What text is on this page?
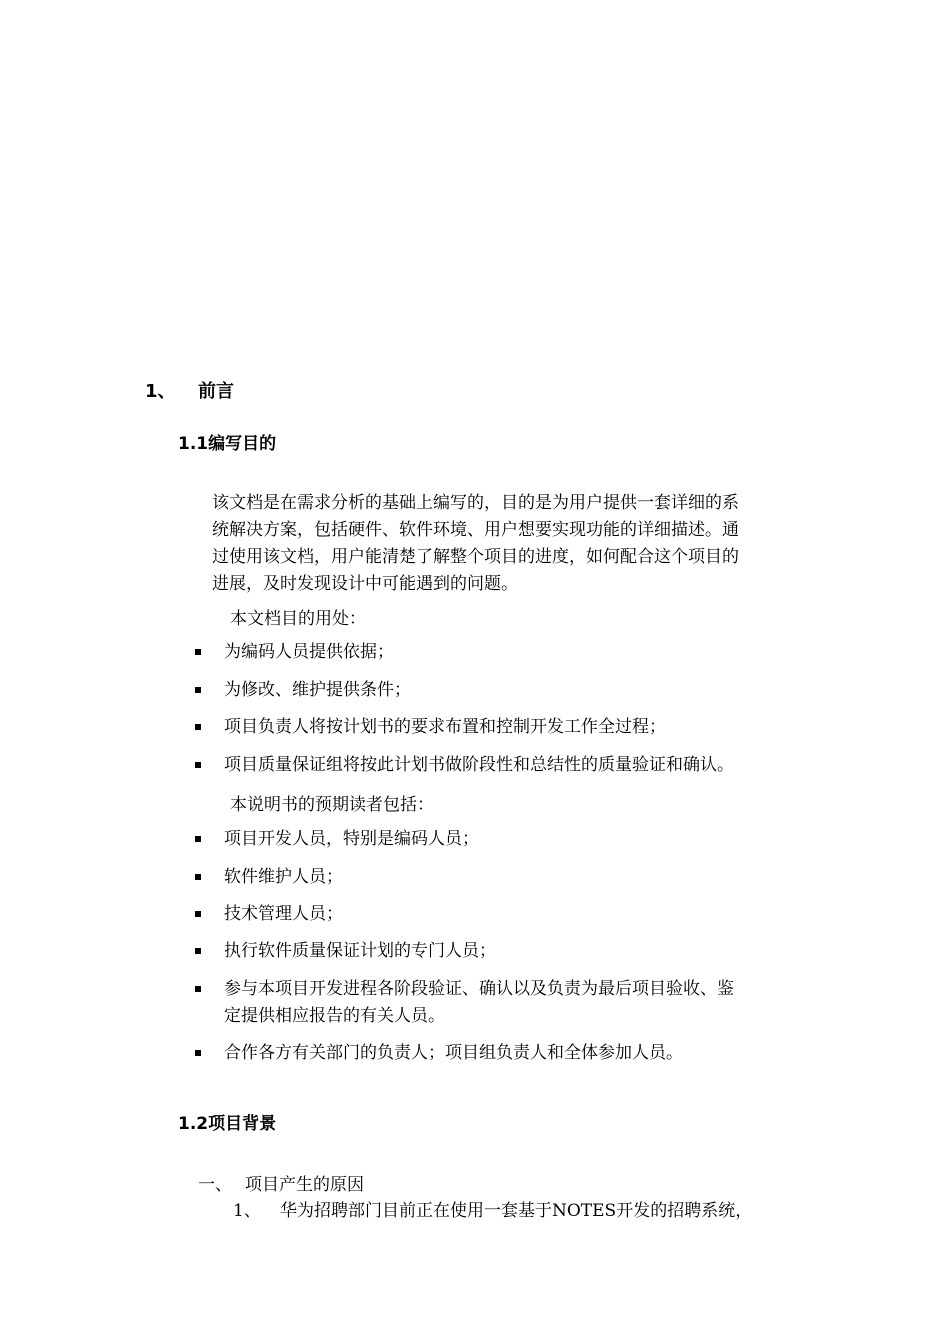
1、 前言
1.1编写目的
该文档是在需求分析的基础上编写的，目的是为用户提供一套详细的系
统解决方案，包括硬件、软件环境、用户想要实现功能的详细描述。通
过使用该文档，用户能清楚了解整个项目的进度，如何配合这个项目的
进展，及时发现设计中可能遇到的问题。
本文档目的用处：
为编码人员提供依据；
为修改、维护提供条件；
项目负责人将按计划书的要求布置和控制开发工作全过程；
项目质量保证组将按此计划书做阶段性和总结性的质量验证和确认。
本说明书的预期读者包括：
项目开发人员，特别是编码人员；
软件维护人员；
技术管理人员；
执行软件质量保证计划的专门人员；
参与本项目开发进程各阶段验证、确认以及负责为最后项目验收、鉴
定提供相应报告的有关人员。
合作各方有关部门的负责人；项目组负责人和全体参加人员。
1.2项目背景
一、 项目产生的原因
1、 华为招聘部门目前正在使用一套基于NOTES开发的招聘系统，
